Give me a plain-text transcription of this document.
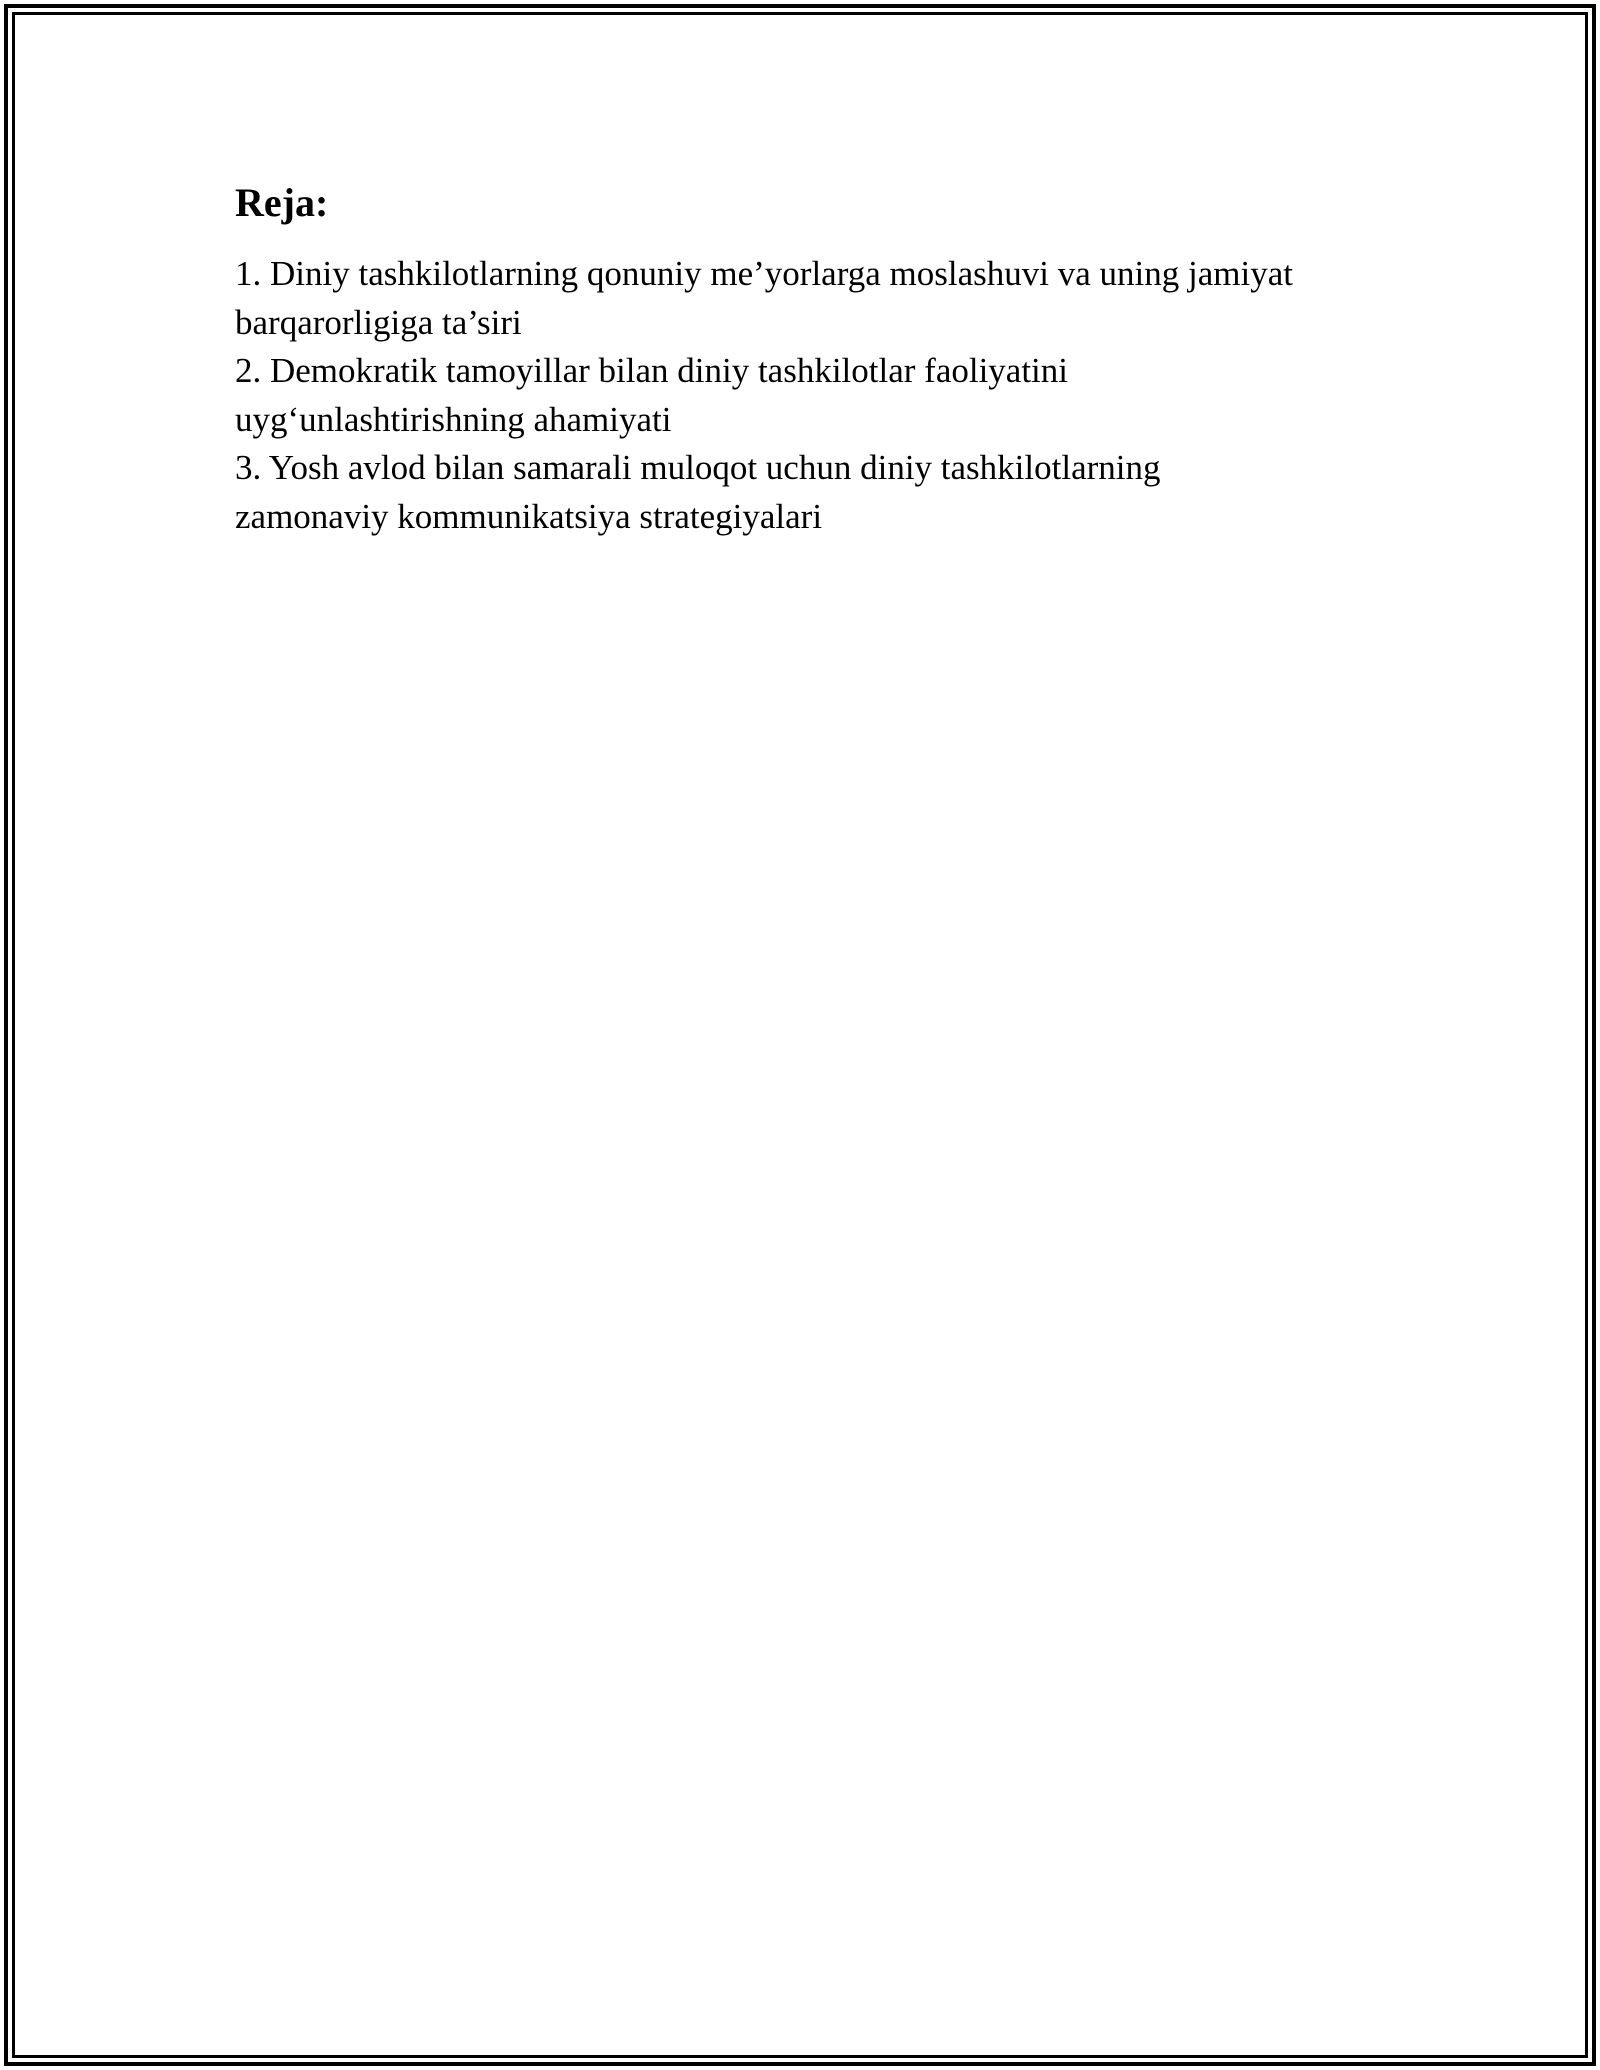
Reja:
1. Diniy tashkilotlarning qonuniy me’yorlarga moslashuvi va uning jamiyat
barqarorligiga ta’siri
2. Demokratik tamoyillar bilan diniy tashkilotlar faoliyatini
uyg‘unlashtirishning ahamiyati
3. Yosh avlod bilan samarali muloqot uchun diniy tashkilotlarning
zamonaviy kommunikatsiya strategiyalari
